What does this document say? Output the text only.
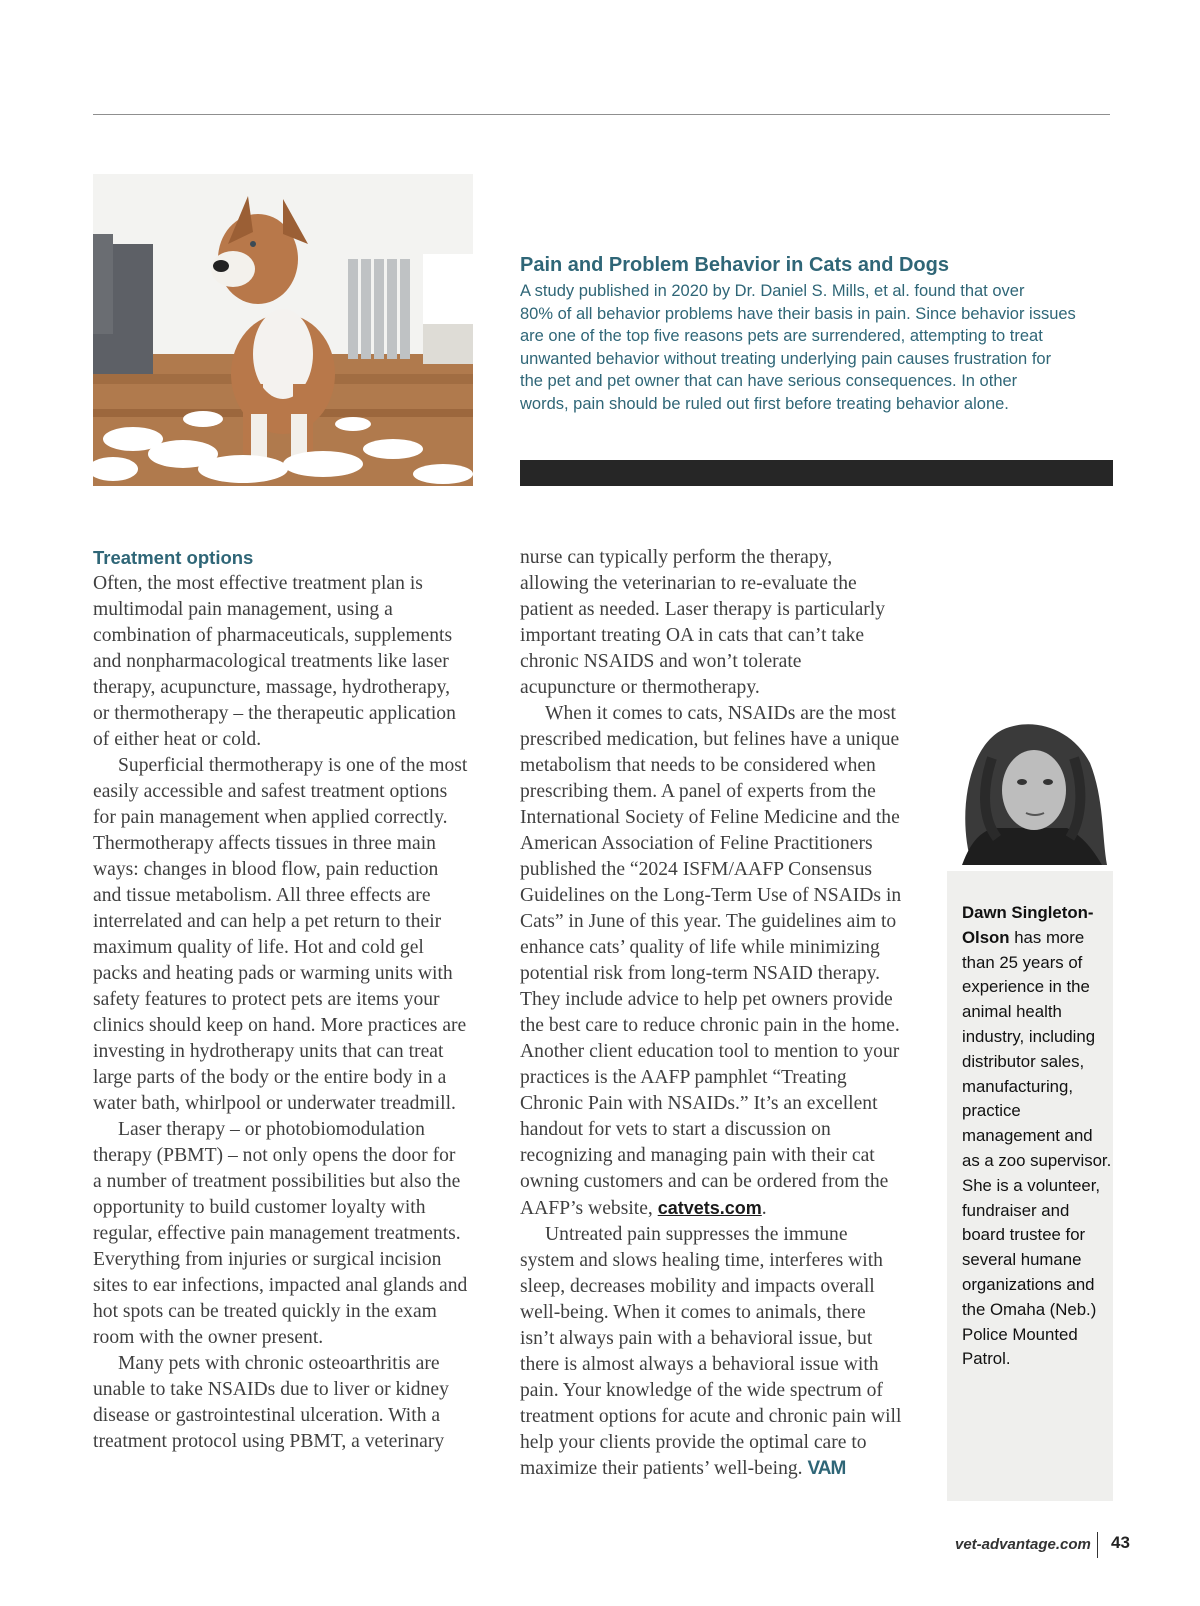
Pain and Problem Behavior in Cats and Dogs

A study published in 2020 by Dr. Daniel S. Mills, et al. found that over
80% of all behavior problems have their basis in pain. Since behavior issues
are one of the top five reasons pets are surrendered, attempting to treat
unwanted behavior without treating underlying pain causes frustration for
the pet and pet owner that can have serious consequences. In other
words, pain should be ruled out first before treating behavior alone.

Treatment options

Often, the most effective treatment plan is multimodal pain management, using a combination of pharmaceuticals, supplements and nonpharmacological treatments like laser therapy, acupuncture, massage, hydrotherapy, or thermotherapy – the therapeutic application of either heat or cold.

Superficial thermotherapy is one of the most easily accessible and safest treatment options for pain management when applied correctly. Thermotherapy affects tissues in three main ways: changes in blood flow, pain reduction and tissue metabolism. All three effects are interrelated and can help a pet return to their maximum quality of life. Hot and cold gel packs and heating pads or warming units with safety features to protect pets are items your clinics should keep on hand. More practices are investing in hydrotherapy units that can treat large parts of the body or the entire body in a water bath, whirlpool or underwater treadmill.

Laser therapy – or photobiomodulation therapy (PBMT) – not only opens the door for a number of treatment possibilities but also the opportunity to build customer loyalty with regular, effective pain management treatments. Everything from injuries or surgical incision sites to ear infections, impacted anal glands and hot spots can be treated quickly in the exam room with the owner present.

Many pets with chronic osteoarthritis are unable to take NSAIDs due to liver or kidney disease or gastrointestinal ulceration. With a treatment protocol using PBMT, a veterinary

nurse can typically perform the therapy, allowing the veterinarian to re-evaluate the patient as needed. Laser therapy is particularly important treating OA in cats that can’t take chronic NSAIDS and won’t tolerate acupuncture or thermotherapy.

When it comes to cats, NSAIDs are the most prescribed medication, but felines have a unique metabolism that needs to be considered when prescribing them. A panel of experts from the International Society of Feline Medicine and the American Association of Feline Practitioners published the “2024 ISFM/AAFP Consensus Guidelines on the Long-Term Use of NSAIDs in Cats” in June of this year. The guidelines aim to enhance cats’ quality of life while minimizing potential risk from long-term NSAID therapy. They include advice to help pet owners provide the best care to reduce chronic pain in the home. Another client education tool to mention to your practices is the AAFP pamphlet “Treating Chronic Pain with NSAIDs.” It’s an excellent handout for vets to start a discussion on recognizing and managing pain with their cat owning customers and can be ordered from the AAFP’s website, catvets.com.

Untreated pain suppresses the immune system and slows healing time, interferes with sleep, decreases mobility and impacts overall well-being. When it comes to animals, there isn’t always pain with a behavioral issue, but there is almost always a behavioral issue with pain. Your knowledge of the wide spectrum of treatment options for acute and chronic pain will help your clients provide the optimal care to maximize their patients’ well-being. VAM

Dawn Singleton-Olson has more than 25 years of experience in the animal health industry, including distributor sales, manufacturing, practice management and as a zoo supervisor. She is a volunteer, fundraiser and board trustee for several humane organizations and the Omaha (Neb.) Police Mounted Patrol.
vet-advantage.com 43
